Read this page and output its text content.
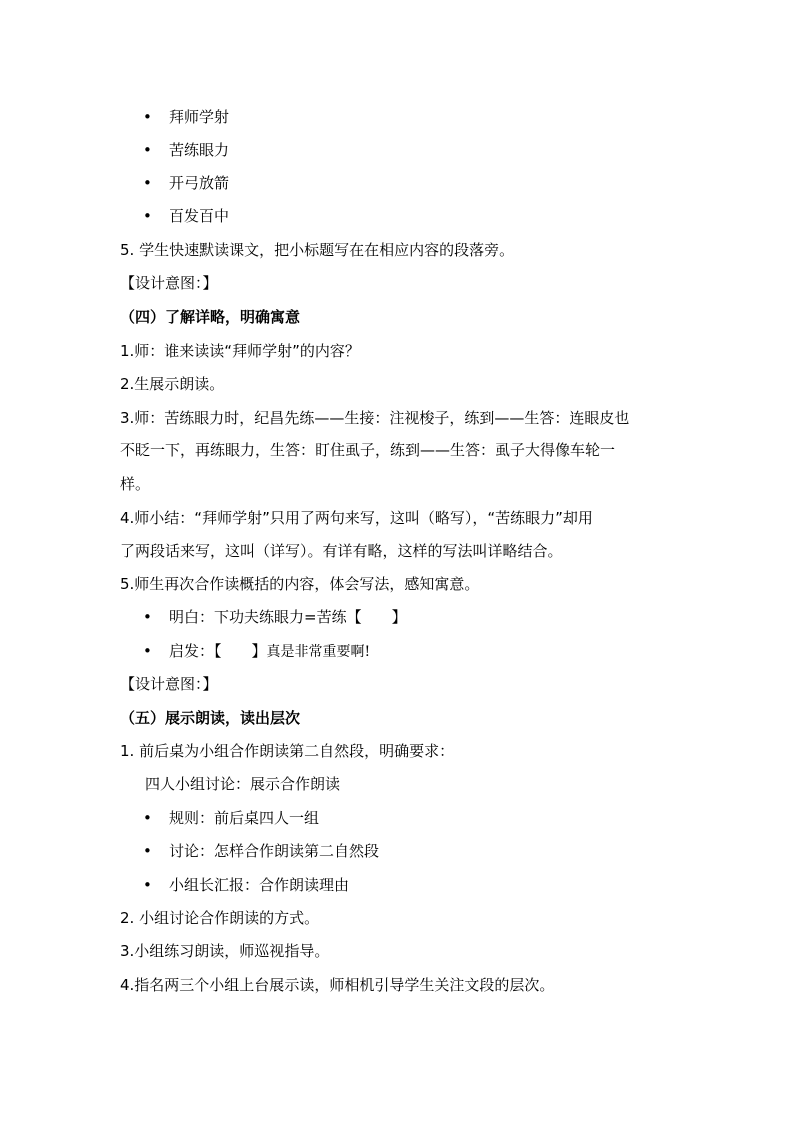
• 拜师学射
• 苦练眼力
• 开弓放箭
• 百发百中
5. 学生快速默读课文，把小标题写在在相应内容的段落旁。
【设计意图：】
（四）了解详略，明确寓意
1.师：谁来读读“拜师学射”的内容？
2.生展示朗读。
3.师：苦练眼力时，纪昌先练——生接：注视梭子，练到——生答：连眼皮也
不眨一下，再练眼力，生答：盯住虱子，练到——生答：虱子大得像车轮一
样。
4.师小结：“拜师学射”只用了两句来写，这叫（略写），“苦练眼力”却用
了两段话来写，这叫（详写）。有详有略，这样的写法叫详略结合。
5.师生再次合作读概括的内容，体会写法，感知寓意。
• 明白：下功夫练眼力=苦练【　　】
• 启发：【　　】真是非常重要啊!
【设计意图：】
（五）展示朗读，读出层次
1. 前后桌为小组合作朗读第二自然段，明确要求：
四人小组讨论：展示合作朗读
• 规则：前后桌四人一组
• 讨论：怎样合作朗读第二自然段
• 小组长汇报：合作朗读理由
2. 小组讨论合作朗读的方式。
3.小组练习朗读，师巡视指导。
4.指名两三个小组上台展示读，师相机引导学生关注文段的层次。
